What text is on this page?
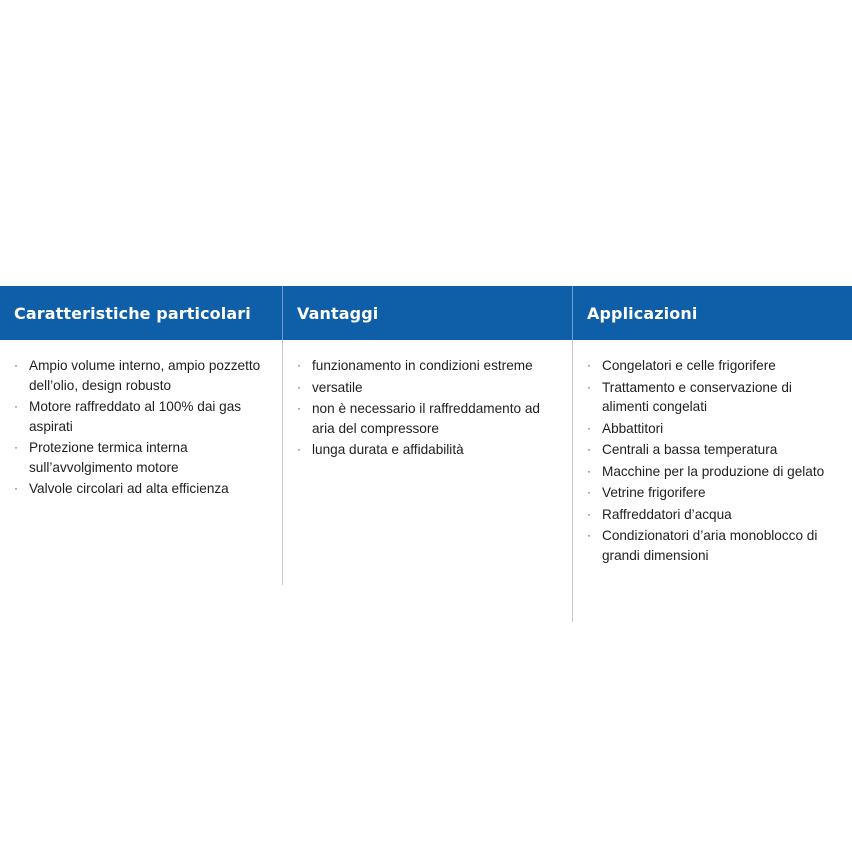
Caratteristiche particolari	Vantaggi	Applicazioni
· Ampio volume interno, ampio pozzetto dell’olio, design robusto
· Motore raffreddato al 100% dai gas aspirati
· Protezione termica interna sull’avvolgimento motore
· Valvole circolari ad alta efficienza
· funzionamento in condizioni estreme
· versatile
· non è necessario il raffreddamento ad aria del compressore
· lunga durata e affidabilità
· Congelatori e celle frigorifere
· Trattamento e conservazione di alimenti congelati
· Abbattitori
· Centrali a bassa temperatura
· Macchine per la produzione di gelato
· Vetrine frigorifere
· Raffreddatori d’acqua
· Condizionatori d’aria monoblocco di grandi dimensioni
